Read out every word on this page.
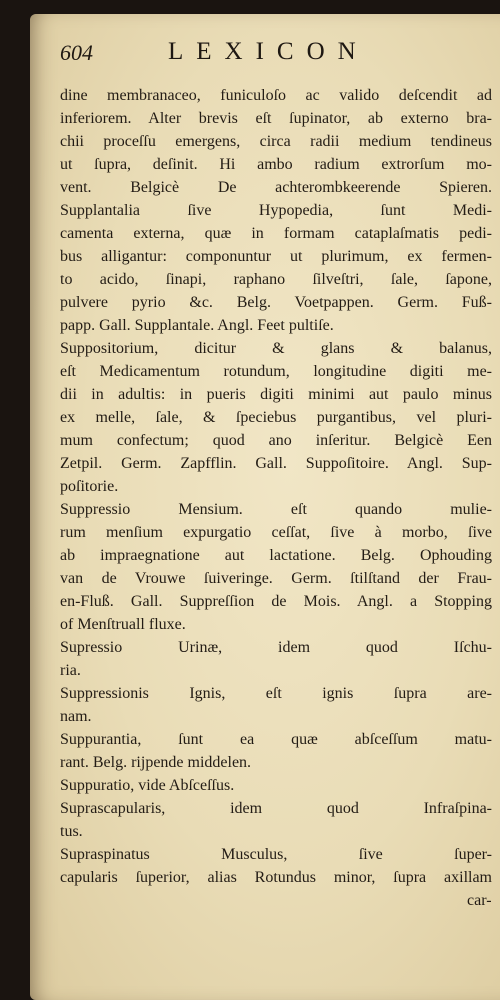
604	LEXICON
dine membranaceo, funiculoſo ac valido deſcendit ad
inferiorem. Alter brevis eſt ſupinator, ab externo bra-
chii proceſſu emergens, circa radii medium tendineus
ut ſupra, deſinit. Hi ambo radium extrorſum mo-
vent. Belgicè De achterombkeerende Spieren.
Supplantalia ſive Hypopedia, ſunt Medi-
camenta externa, quæ in formam cataplaſmatis pedi-
bus alligantur: componuntur ut plurimum, ex fermen-
to acido, ſinapi, raphano ſilveſtri, ſale, ſapone,
pulvere pyrio &c. Belg. Voetpappen. Germ. Fuß-
papp. Gall. Supplantale. Angl. Feet pultiſe.
Suppositorium, dicitur & glans & balanus,
eſt Medicamentum rotundum, longitudine digiti me-
dii in adultis: in pueris digiti minimi aut paulo minus
ex melle, ſale, & ſpeciebus purgantibus, vel pluri-
mum confectum; quod ano inſeritur. Belgicè Een
Zetpil. Germ. Zapfflin. Gall. Suppoſitoire. Angl. Sup-
poſitorie.
Suppressio Mensium. eſt quando mulie-
rum menſium expurgatio ceſſat, ſive à morbo, ſive
ab impraegnatione aut lactatione. Belg. Ophouding
van de Vrouwe ſuiveringe. Germ. ſtilſtand der Frau-
en-Fluß. Gall. Suppreſſion de Mois. Angl. a Stopping
of Menſtruall fluxe.
Supressio Urinæ, idem quod Iſchu-
ria.
Suppressionis Ignis, eſt ignis ſupra are-
nam.
Suppurantia, ſunt ea quæ abſceſſum matu-
rant. Belg. rijpende middelen.
Suppuratio, vide Abſceſſus.
Suprascapularis, idem quod Infraſpina-
tus.
Supraspinatus Musculus, ſive ſuper-
capularis ſuperior, alias Rotundus minor, ſupra axillam
car-
